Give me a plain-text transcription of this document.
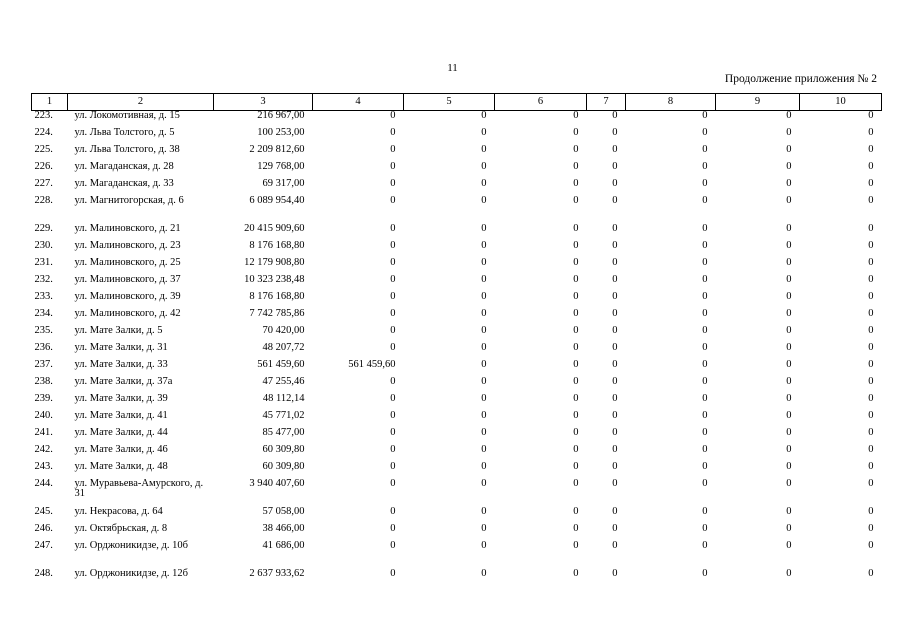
11
Продолжение приложения № 2
1	2	3	4	5	6	7	8	9	10
223.	ул. Локомотивная, д. 15	216 967,00	0	0	0	0	0	0	0
224.	ул. Льва Толстого, д. 5	100 253,00	0	0	0	0	0	0	0
225.	ул. Льва Толстого, д. 38	2 209 812,60	0	0	0	0	0	0	0
226.	ул. Магаданская, д. 28	129 768,00	0	0	0	0	0	0	0
227.	ул. Магаданская, д. 33	69 317,00	0	0	0	0	0	0	0
228.	ул. Магнитогорская, д. 6	6 089 954,40	0	0	0	0	0	0	0
229.	ул. Малиновского, д. 21	20 415 909,60	0	0	0	0	0	0	0
230.	ул. Малиновского, д. 23	8 176 168,80	0	0	0	0	0	0	0
231.	ул. Малиновского, д. 25	12 179 908,80	0	0	0	0	0	0	0
232.	ул. Малиновского, д. 37	10 323 238,48	0	0	0	0	0	0	0
233.	ул. Малиновского, д. 39	8 176 168,80	0	0	0	0	0	0	0
234.	ул. Малиновского, д. 42	7 742 785,86	0	0	0	0	0	0	0
235.	ул. Мате Залки, д. 5	70 420,00	0	0	0	0	0	0	0
236.	ул. Мате Залки, д. 31	48 207,72	0	0	0	0	0	0	0
237.	ул. Мате Залки, д. 33	561 459,60	561 459,60	0	0	0	0	0	0
238.	ул. Мате Залки, д. 37а	47 255,46	0	0	0	0	0	0	0
239.	ул. Мате Залки, д. 39	48 112,14	0	0	0	0	0	0	0
240.	ул. Мате Залки, д. 41	45 771,02	0	0	0	0	0	0	0
241.	ул. Мате Залки, д. 44	85 477,00	0	0	0	0	0	0	0
242.	ул. Мате Залки, д. 46	60 309,80	0	0	0	0	0	0	0
243.	ул. Мате Залки, д. 48	60 309,80	0	0	0	0	0	0	0
244.	ул. Муравьева-Амурского, д. 31	3 940 407,60	0	0	0	0	0	0	0
245.	ул. Некрасова, д. 64	57 058,00	0	0	0	0	0	0	0
246.	ул. Октябрьская, д. 8	38 466,00	0	0	0	0	0	0	0
247.	ул. Орджоникидзе, д. 10б	41 686,00	0	0	0	0	0	0	0
248.	ул. Орджоникидзе, д. 12б	2 637 933,62	0	0	0	0	0	0	0
